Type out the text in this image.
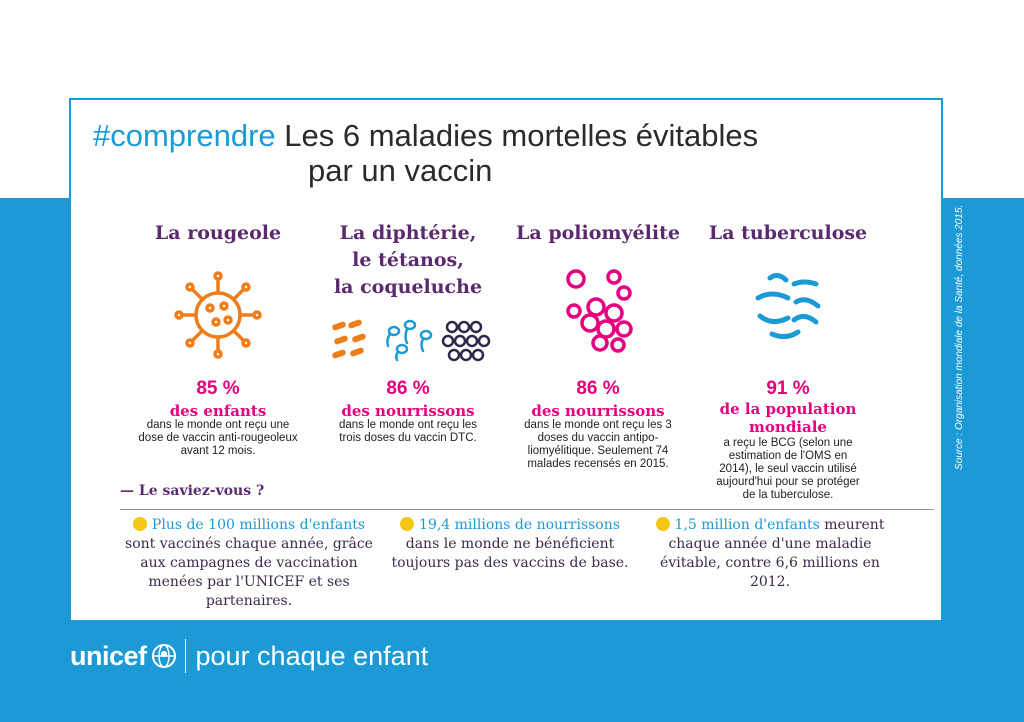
#comprendre Les 6 maladies mortelles évitables
par un vaccin
La rougeole
85 %
des enfants
dans le monde ont reçu une dose de vaccin anti-rougeoleux avant 12 mois.
La diphtérie,
le tétanos,
la coqueluche
86 %
des nourrissons
dans le monde ont reçu les trois doses du vaccin DTC.
La poliomyélite
86 %
des nourrissons
dans le monde ont reçu les 3 doses du vaccin antipo-liomyélitique. Seulement 74 malades recensés en 2015.
La tuberculose
91 %
de la population mondiale
a reçu le BCG (selon une estimation de l'OMS en 2014), le seul vaccin utilisé aujourd'hui pour se protéger de la tuberculose.
— Le saviez-vous ?
Plus de 100 millions d'enfants sont vaccinés chaque année, grâce aux campagnes de vaccination menées par l'UNICEF et ses partenaires.
19,4 millions de nourrissons dans le monde ne bénéficient toujours pas des vaccins de base.
1,5 million d'enfants meurent chaque année d'une maladie évitable, contre 6,6 millions en 2012.
Source : Organisation mondiale de la Santé, données 2015.
unicef pour chaque enfant
